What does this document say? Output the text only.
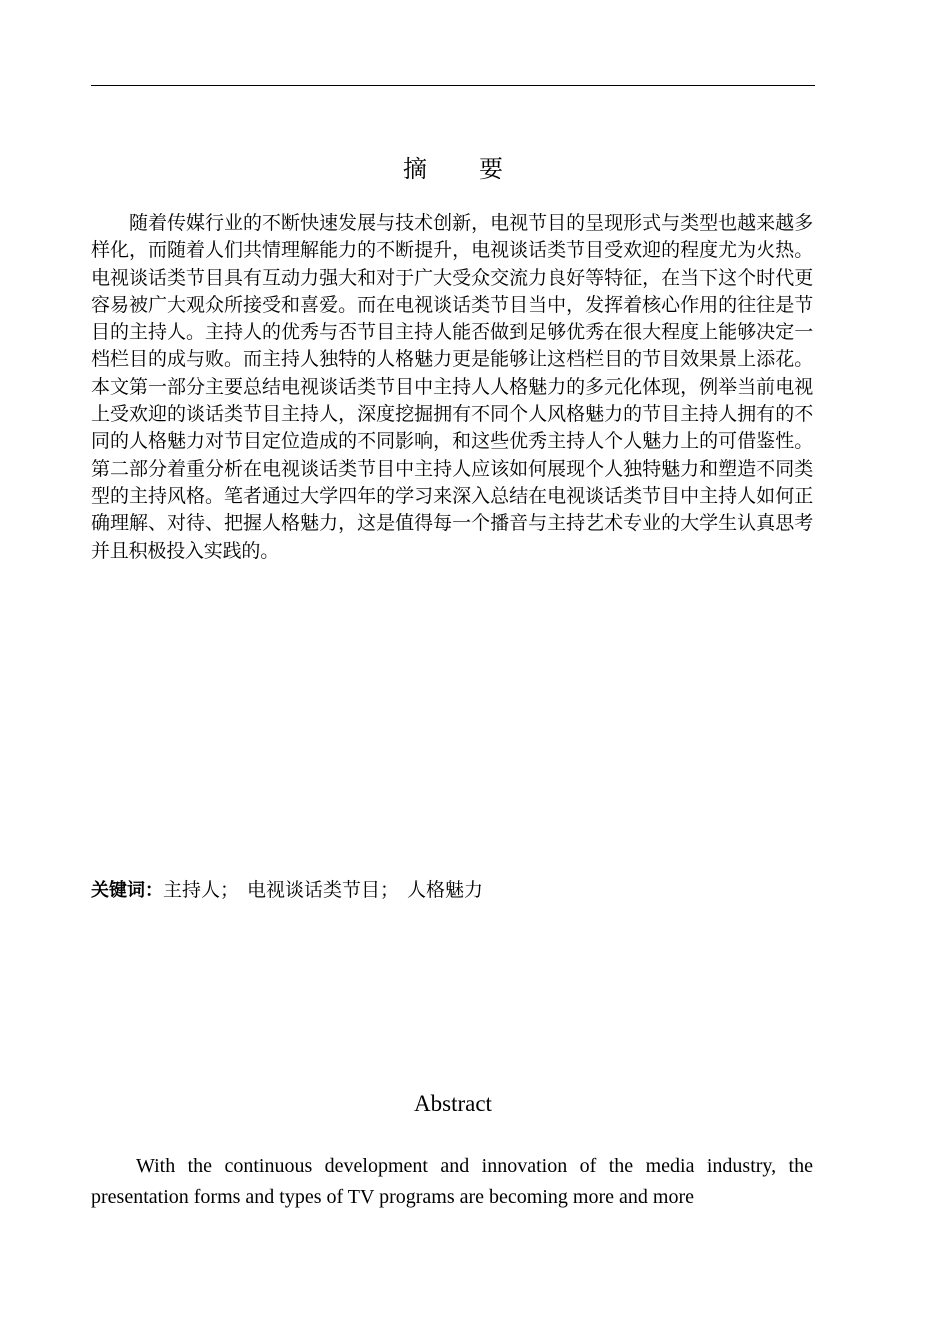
摘 要

随着传媒行业的不断快速发展与技术创新，电视节目的呈现形式与类型也越来越多样化，而随着人们共情理解能力的不断提升，电视谈话类节目受欢迎的程度尤为火热。电视谈话类节目具有互动力强大和对于广大受众交流力良好等特征，在当下这个时代更容易被广大观众所接受和喜爱。而在电视谈话类节目当中，发挥着核心作用的往往是节目的主持人。主持人的优秀与否节目主持人能否做到足够优秀在很大程度上能够决定一档栏目的成与败。而主持人独特的人格魅力更是能够让这档栏目的节目效果景上添花。本文第一部分主要总结电视谈话类节目中主持人人格魅力的多元化体现，例举当前电视上受欢迎的谈话类节目主持人，深度挖掘拥有不同个人风格魅力的节目主持人拥有的不同的人格魅力对节目定位造成的不同影响，和这些优秀主持人个人魅力上的可借鉴性。第二部分着重分析在电视谈话类节目中主持人应该如何展现个人独特魅力和塑造不同类型的主持风格。笔者通过大学四年的学习来深入总结在电视谈话类节目中主持人如何正确理解、对待、把握人格魅力，这是值得每一个播音与主持艺术专业的大学生认真思考并且积极投入实践的。

关键词：主持人； 电视谈话类节目； 人格魅力
Abstract

With the continuous development and innovation of the media industry, the presentation forms and types of TV programs are becoming more and more
